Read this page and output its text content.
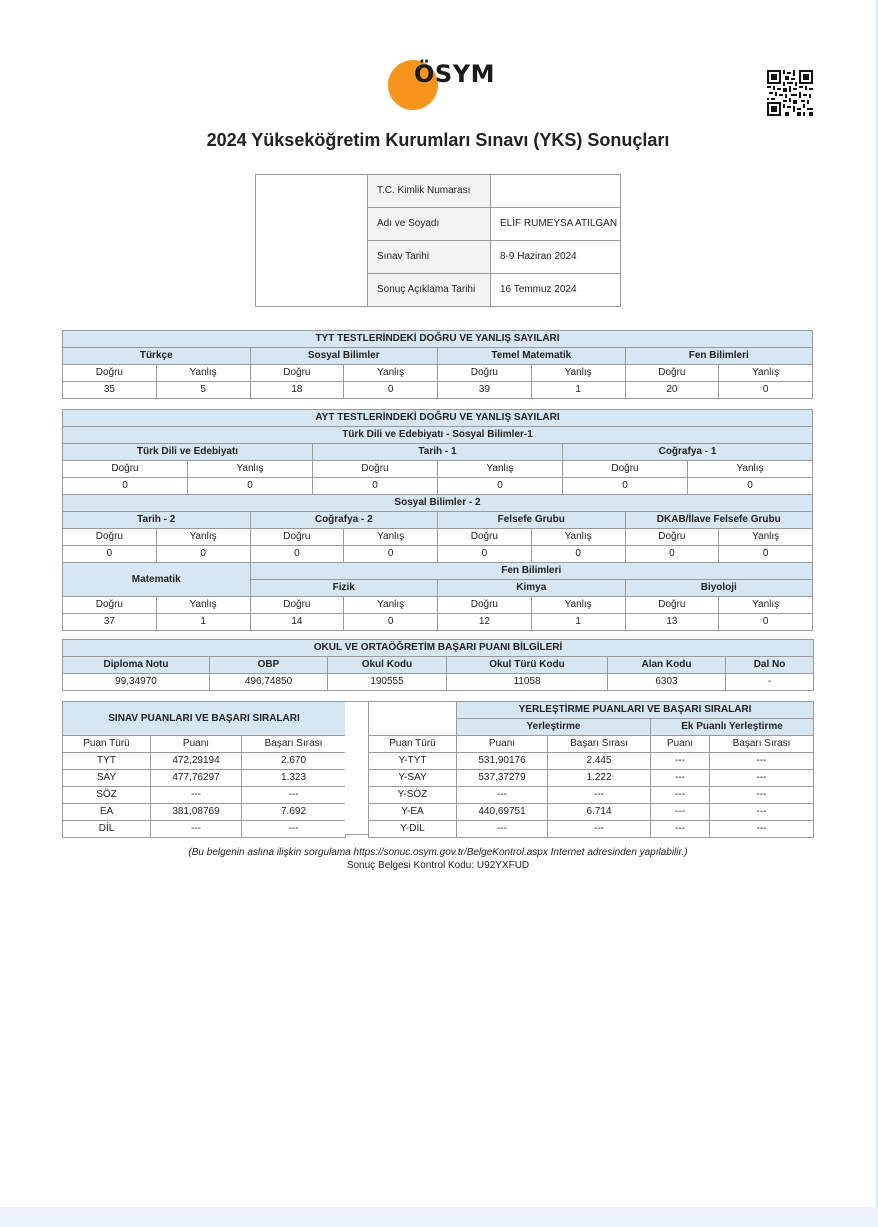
ÖSYM
2024 Yükseköğretim Kurumları Sınavı (YKS) Sonuçları
	T.C. Kimlik Numarası	
	Adı ve Soyadı	ELİF RUMEYSA ATILGAN
	Sınav Tarihi	8-9 Haziran 2024
	Sonuç Açıklama Tarihi	16 Temmuz 2024
TYT TESTLERİNDEKİ DOĞRU VE YANLIŞ SAYILARI							
Türkçe		Sosyal Bilimler		Temel Matematik		Fen Bilimleri	
Doğru	Yanlış	Doğru	Yanlış	Doğru	Yanlış	Doğru	Yanlış
35	5	18	0	39	1	20	0
AYT TESTLERİNDEKİ DOĞRU VE YANLIŞ SAYILARI											
Türk Dili ve Edebiyatı - Sosyal Bilimler-1											
Türk Dili ve Edebiyatı				Tarih - 1				Coğrafya - 1			
Doğru		Yanlış		Doğru		Yanlış		Doğru		Yanlış	
0		0		0		0		0		0	
Sosyal Bilimler - 2											
Tarih - 2			Coğrafya - 2			Felsefe Grubu			DKAB/İlave Felsefe Grubu		
Doğru	Yanlış		Doğru		Yanlış	Doğru	Yanlış		Doğru		Yanlış
0	0		0		0	0	0		0		0
Matematik			Fen Bilimleri								
			Fizik			Kimya			Biyoloji		
Doğru	Yanlış		Doğru		Yanlış	Doğru	Yanlış		Doğru		Yanlış
37	1		14		0	12	1		13		0
OKUL VE ORTAÖĞRETİM BAŞARI PUANI BİLGİLERİ					
Diploma Notu	OBP	Okul Kodu	Okul Türü Kodu	Alan Kodu	Dal No
99,34970	496,74850	190555	11058	6303	-
SINAV PUANLARI VE BAŞARI SIRALARI		
Puan Türü	Puanı	Başarı Sırası
TYT	472,29194	2.670
SAY	477,76297	1.323
SÖZ	---	---
EA	381,08769	7.692
DİL	---	---
	YERLEŞTİRME PUANLARI VE BAŞARI SIRALARI			
	Yerleştirme		Ek Puanlı Yerleştirme	
Puan Türü	Puanı	Başarı Sırası	Puanı	Başarı Sırası
Y-TYT	531,90176	2.445	---	---
Y-SAY	537,37279	1.222	---	---
Y-SÖZ	---	---	---	---
Y-EA	440,69751	6.714	---	---
Y-DİL	---	---	---	---
(Bu belgenin aslına ilişkin sorgulama https://sonuc.osym.gov.tr/BelgeKontrol.aspx Internet adresinden yapılabilir.)
Sonuç Belgesi Kontrol Kodu: U92YXFUD
